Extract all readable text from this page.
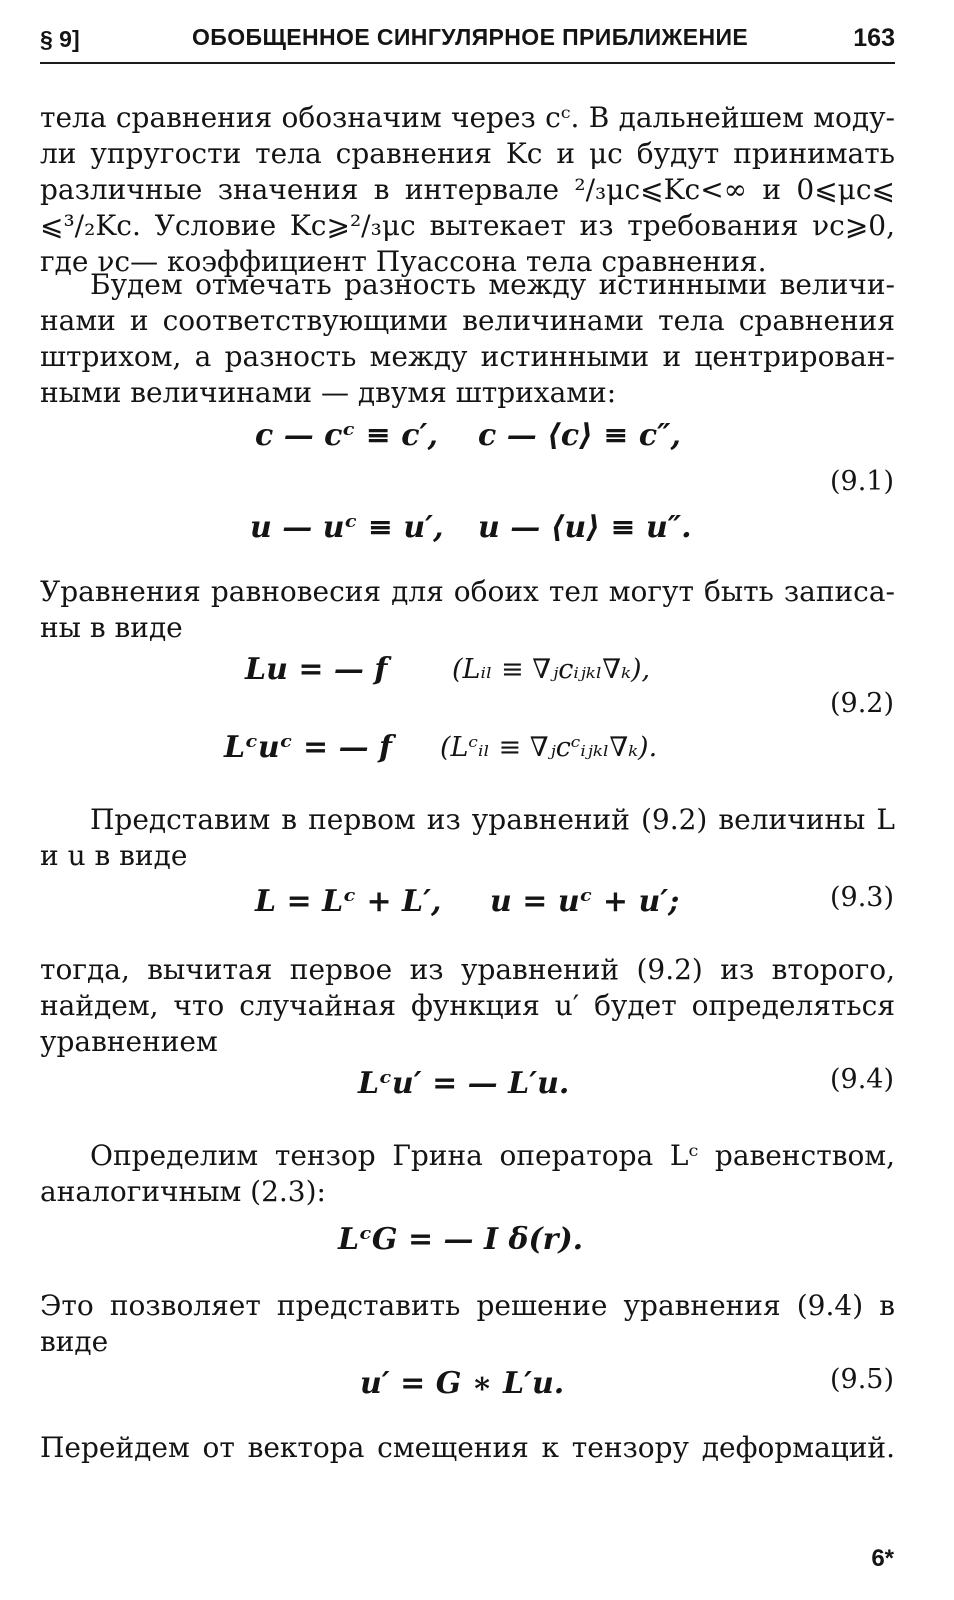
§ 9]	ОБОБЩЕННОЕ СИНГУЛЯРНОЕ ПРИБЛИЖЕНИЕ	163
тела сравнения обозначим через cᶜ. В дальнейшем моду-
ли упругости тела сравнения Kс и μс будут принимать
различные значения в интервале ²/₃μс⩽Kс<∞ и 0⩽μс⩽
⩽³/₂Kс. Условие Kс⩾²/₃μс вытекает из требования νс⩾0,
где νс— коэффициент Пуассона тела сравнения.
Будем отмечать разность между истинными величи-
нами и соответствующими величинами тела сравнения
штрихом, а разность между истинными и центрирован-
ными величинами — двумя штрихами:
c — cᶜ ≡ c′, c — ⟨c⟩ ≡ c″,
(9.1)
u — uᶜ ≡ u′, u — ⟨u⟩ ≡ u″.
Уравнения равновесия для обоих тел могут быть записа-
ны в виде
Lu = — f (Lᵢₗ ≡ ∇ⱼcᵢⱼₖₗ∇ₖ),
(9.2)
Lᶜuᶜ = — f (Lᶜᵢₗ ≡ ∇ⱼcᶜᵢⱼₖₗ∇ₖ).
Представим в первом из уравнений (9.2) величины L
и u в виде
L = Lᶜ + L′, u = uᶜ + u′;	(9.3)
тогда, вычитая первое из уравнений (9.2) из второго,
найдем, что случайная функция u′ будет определяться
уравнением
Lᶜu′ = — L′u.	(9.4)
Определим тензор Грина оператора Lᶜ равенством,
аналогичным (2.3):
LᶜG = — I δ(r).
Это позволяет представить решение уравнения (9.4) в
виде
u′ = G ∗ L′u.	(9.5)
Перейдем от вектора смещения к тензору деформаций.
6*
